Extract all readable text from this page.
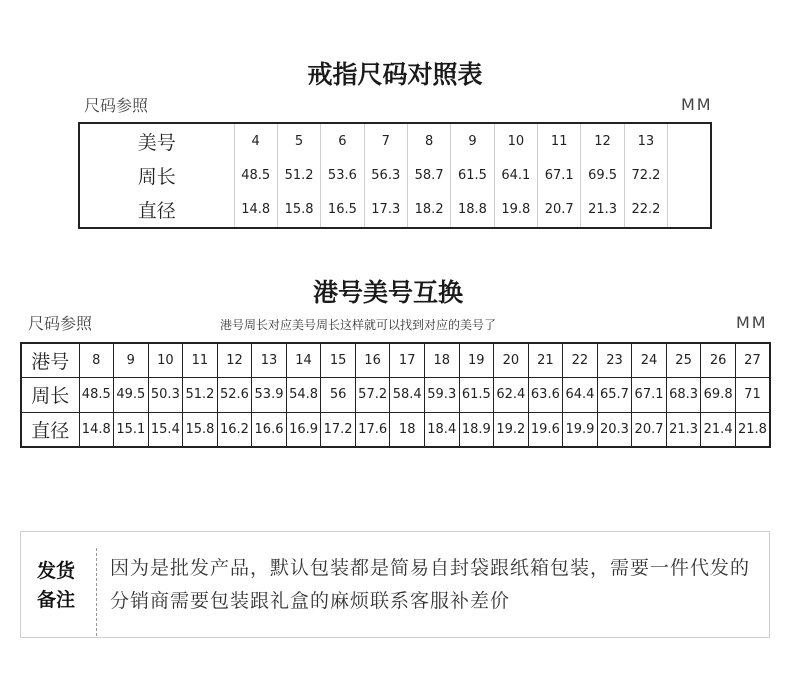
戒指尺码对照表
尺码参照	MM
美号	4	5	6	7	8	9	10	11	12	13	
周长	48.5	51.2	53.6	56.3	58.7	61.5	64.1	67.1	69.5	72.2	
直径	14.8	15.8	16.5	17.3	18.2	18.8	19.8	20.7	21.3	22.2	
港号美号互换
尺码参照	港号周长对应美号周长这样就可以找到对应的美号了	MM
港号	8	9	10	11	12	13	14	15	16	17	18	19	20	21	22	23	24	25	26	27
周长	48.5	49.5	50.3	51.2	52.6	53.9	54.8	56	57.2	58.4	59.3	61.5	62.4	63.6	64.4	65.7	67.1	68.3	69.8	71
直径	14.8	15.1	15.4	15.8	16.2	16.6	16.9	17.2	17.6	18	18.4	18.9	19.2	19.6	19.9	20.3	20.7	21.3	21.4	21.8
发货
备注
因为是批发产品，默认包装都是简易自封袋跟纸箱包装，需要一件代发的分销商需要包装跟礼盒的麻烦联系客服补差价
